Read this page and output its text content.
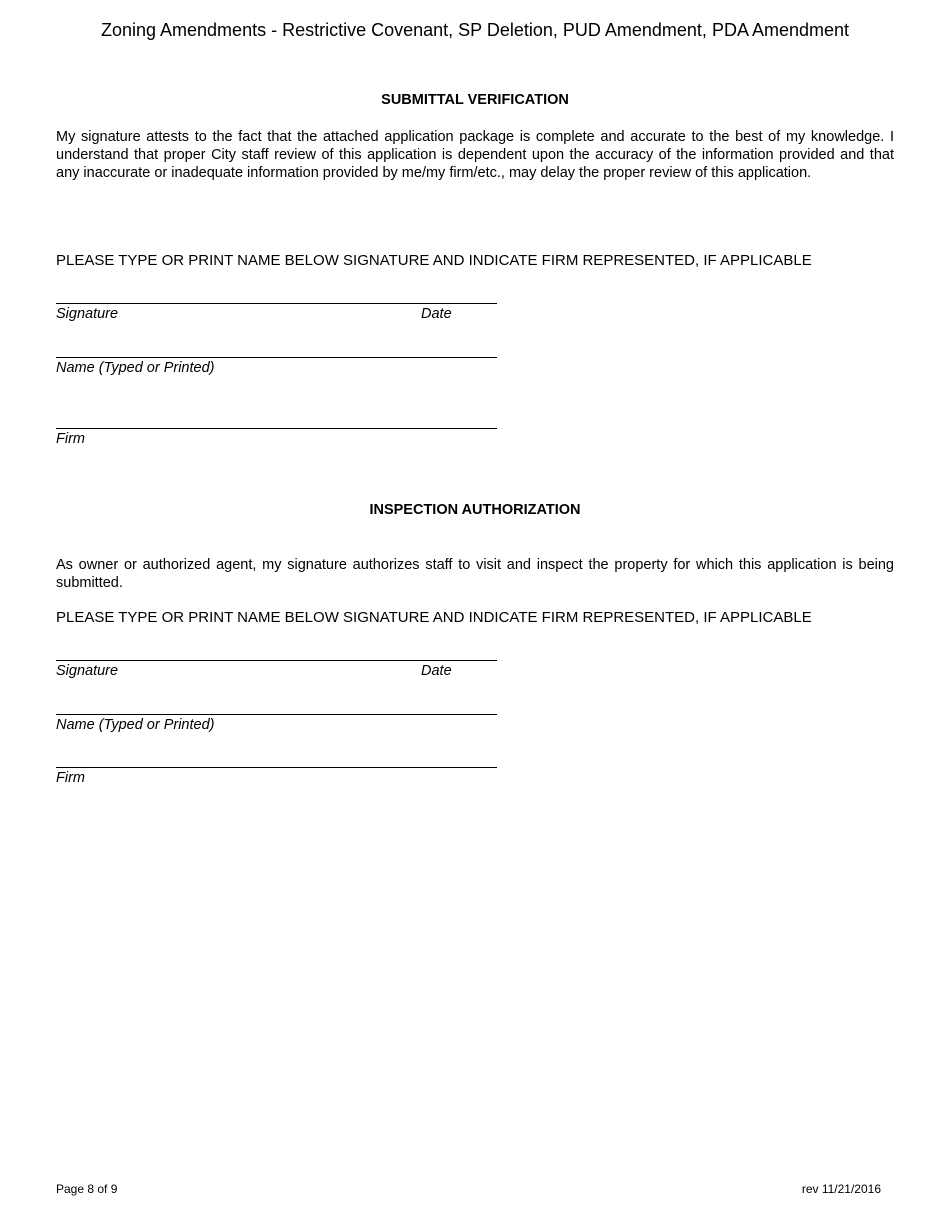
Zoning Amendments - Restrictive Covenant, SP Deletion, PUD Amendment, PDA Amendment
SUBMITTAL VERIFICATION
My signature attests to the fact that the attached application package is complete and accurate to the best of my knowledge. I understand that proper City staff review of this application is dependent upon the accuracy of the information provided and that any inaccurate or inadequate information provided by me/my firm/etc., may delay the proper review of this application.
PLEASE TYPE OR PRINT NAME BELOW SIGNATURE AND INDICATE FIRM REPRESENTED, IF APPLICABLE
Signature	Date
Name (Typed or Printed)
Firm
INSPECTION AUTHORIZATION
As owner or authorized agent, my signature authorizes staff to visit and inspect the property for which this application is being submitted.
PLEASE TYPE OR PRINT NAME BELOW SIGNATURE AND INDICATE FIRM REPRESENTED, IF APPLICABLE
Signature	Date
Name (Typed or Printed)
Firm
Page 8 of 9	rev 11/21/2016
